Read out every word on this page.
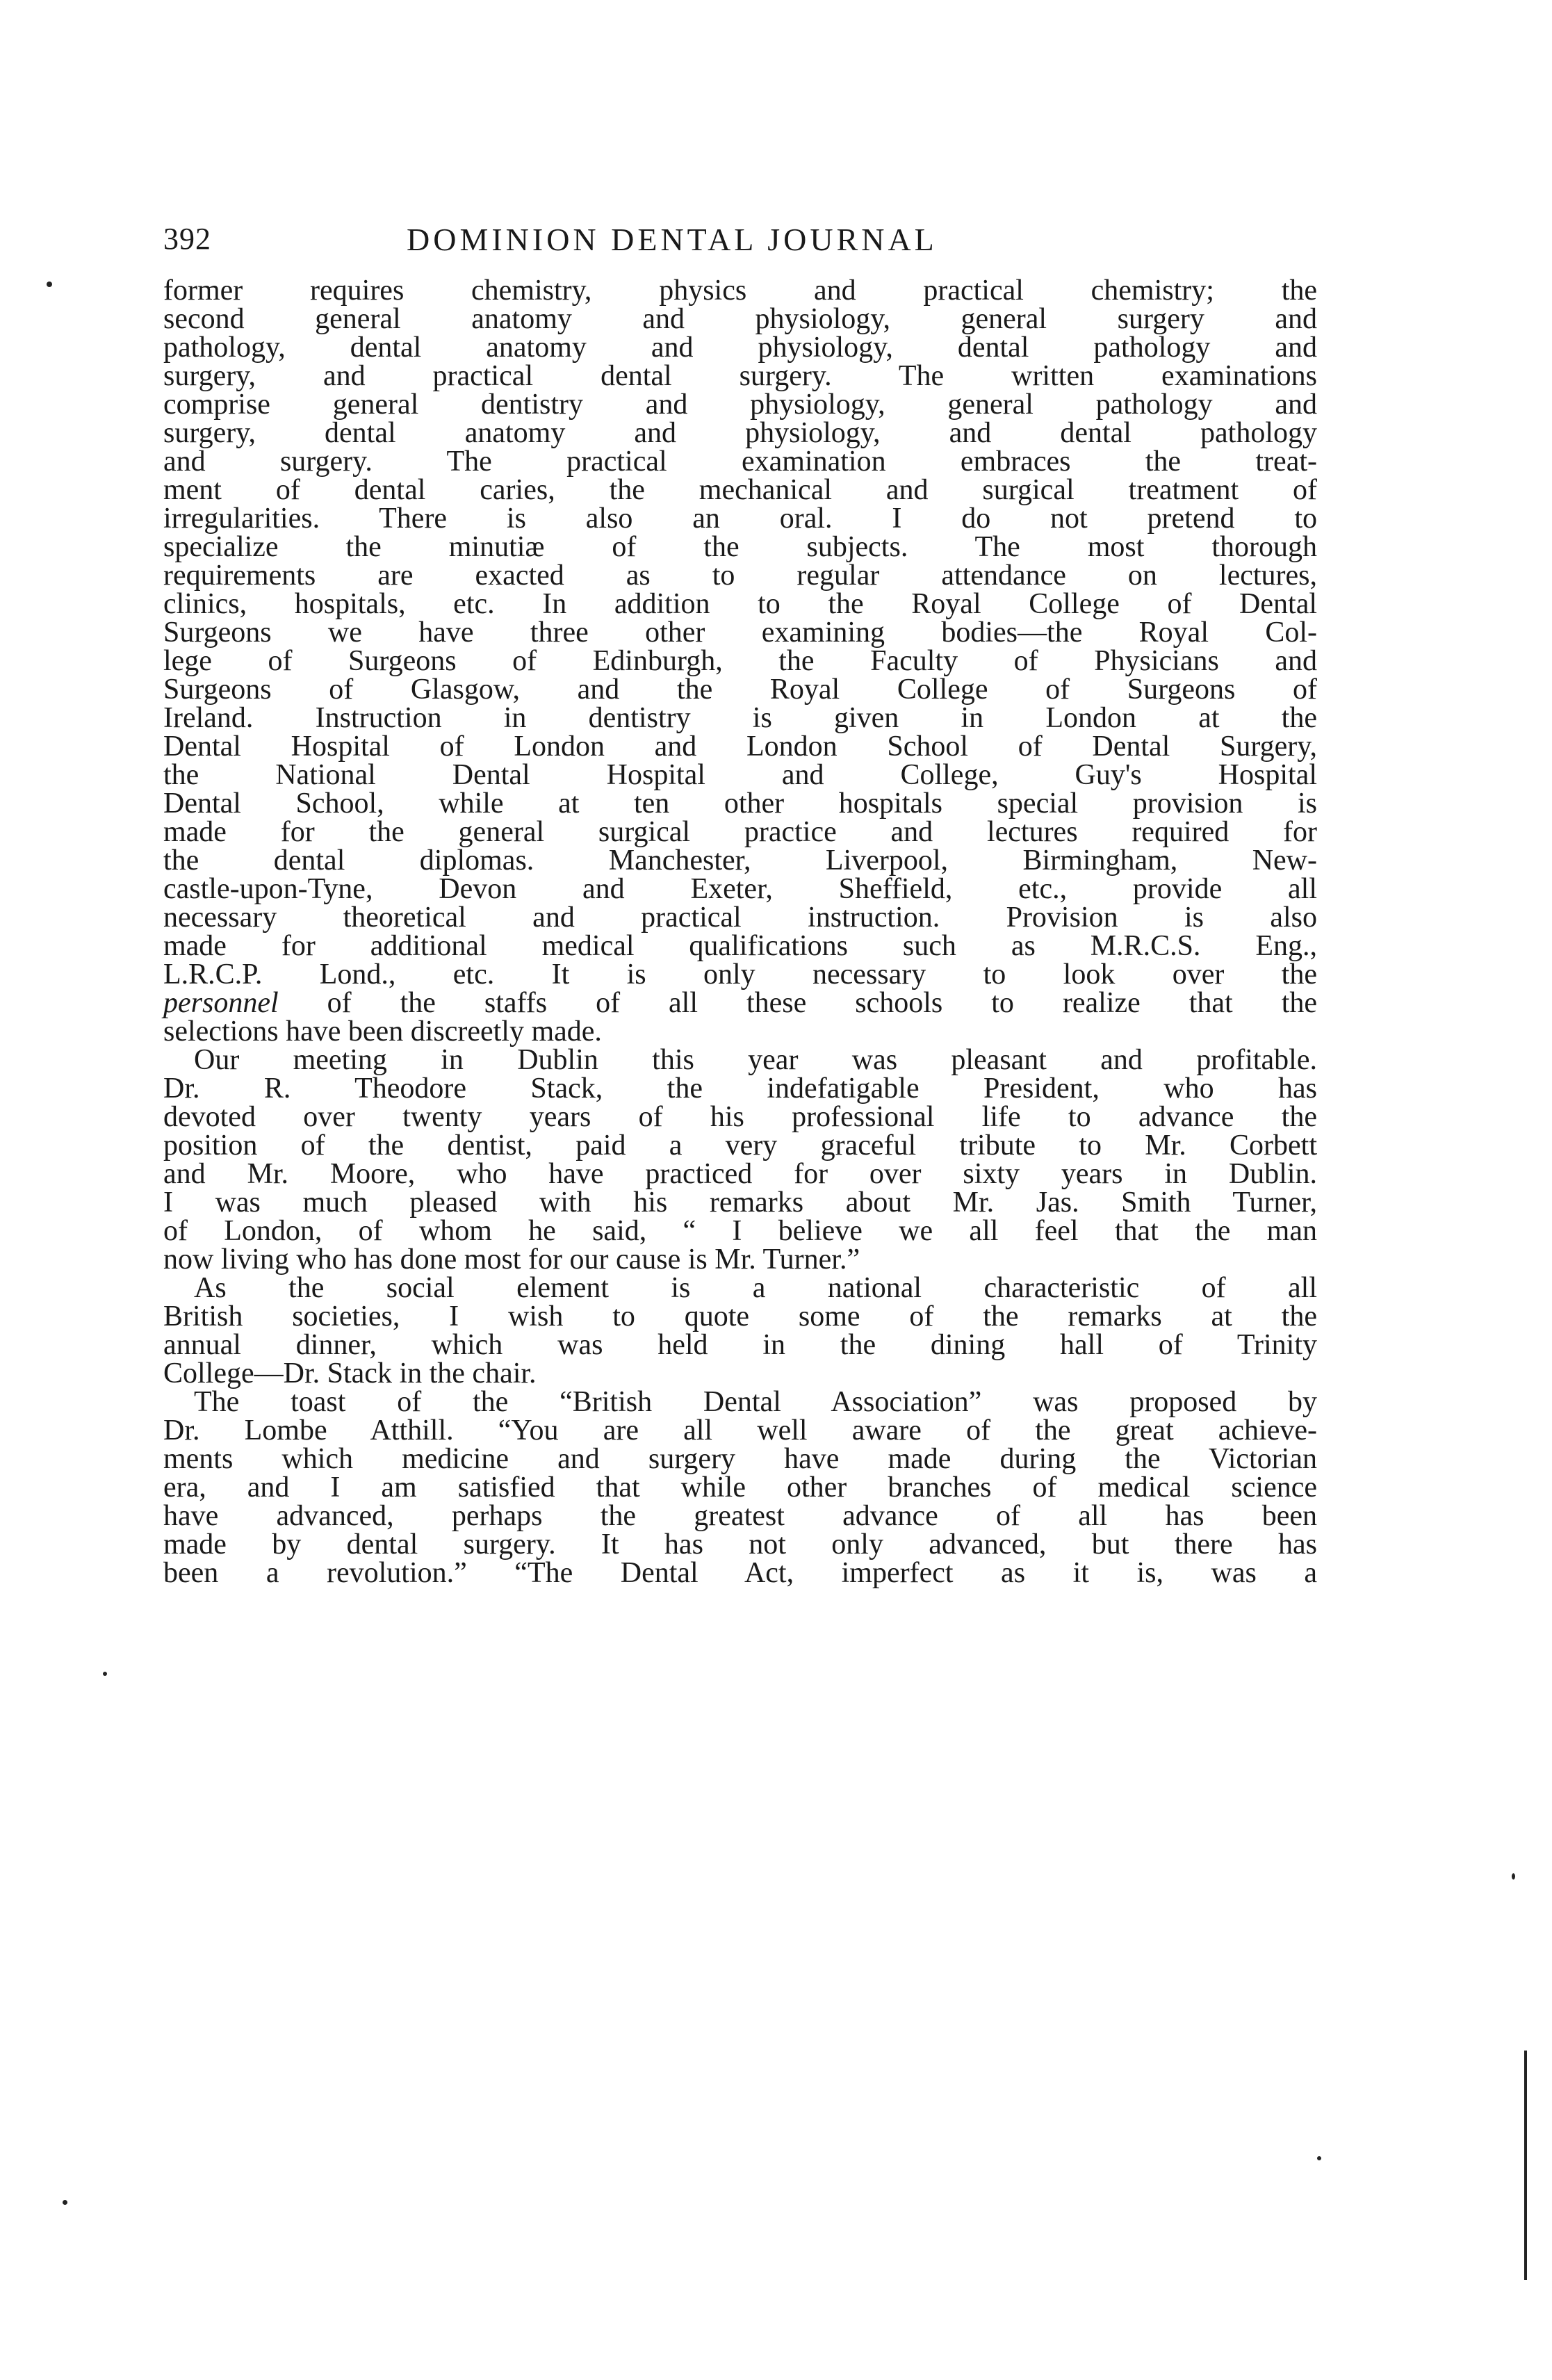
392	DOMINION DENTAL JOURNAL
former requires chemistry, physics and practical chemistry; the
second general anatomy and physiology, general surgery and
pathology, dental anatomy and physiology, dental pathology and
surgery, and practical dental surgery. The written examinations
comprise general dentistry and physiology, general pathology and
surgery, dental anatomy and physiology, and dental pathology
and surgery. The practical examination embraces the treat-
ment of dental caries, the mechanical and surgical treatment of
irregularities. There is also an oral. I do not pretend to
specialize the minutiæ of the subjects. The most thorough
requirements are exacted as to regular attendance on lectures,
clinics, hospitals, etc. In addition to the Royal College of Dental
Surgeons we have three other examining bodies—the Royal Col-
lege of Surgeons of Edinburgh, the Faculty of Physicians and
Surgeons of Glasgow, and the Royal College of Surgeons of
Ireland. Instruction in dentistry is given in London at the
Dental Hospital of London and London School of Dental Surgery,
the National Dental Hospital and College, Guy's Hospital
Dental School, while at ten other hospitals special provision is
made for the general surgical practice and lectures required for
the dental diplomas. Manchester, Liverpool, Birmingham, New-
castle-upon-Tyne, Devon and Exeter, Sheffield, etc., provide all
necessary theoretical and practical instruction. Provision is also
made for additional medical qualifications such as M.R.C.S. Eng.,
L.R.C.P. Lond., etc. It is only necessary to look over the
personnel of the staffs of all these schools to realize that the
selections have been discreetly made.
Our meeting in Dublin this year was pleasant and profitable.
Dr. R. Theodore Stack, the indefatigable President, who has
devoted over twenty years of his professional life to advance the
position of the dentist, paid a very graceful tribute to Mr. Corbett
and Mr. Moore, who have practiced for over sixty years in Dublin.
I was much pleased with his remarks about Mr. Jas. Smith Turner,
of London, of whom he said, “ I believe we all feel that the man
now living who has done most for our cause is Mr. Turner.”
As the social element is a national characteristic of all
British societies, I wish to quote some of the remarks at the
annual dinner, which was held in the dining hall of Trinity
College—Dr. Stack in the chair.
The toast of the “British Dental Association” was proposed by
Dr. Lombe Atthill. “You are all well aware of the great achieve-
ments which medicine and surgery have made during the Victorian
era, and I am satisfied that while other branches of medical science
have advanced, perhaps the greatest advance of all has been
made by dental surgery. It has not only advanced, but there has
been a revolution.” “The Dental Act, imperfect as it is, was a
